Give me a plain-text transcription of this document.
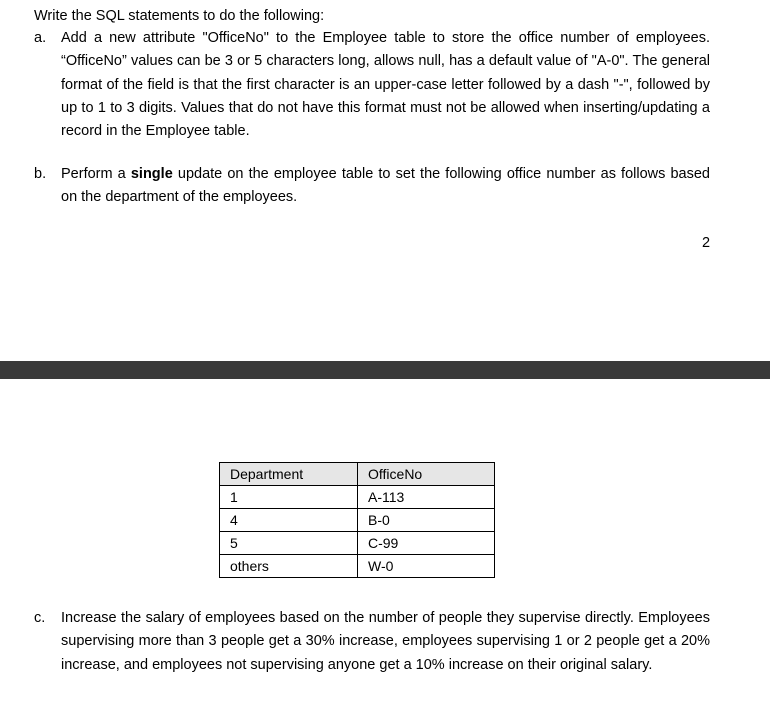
Write the SQL statements to do the following:
a. Add a new attribute "OfficeNo" to the Employee table to store the office number of employees. “OfficeNo” values can be 3 or 5 characters long, allows null, has a default value of "A-0". The general format of the field is that the first character is an upper-case letter followed by a dash "-", followed by up to 1 to 3 digits. Values that do not have this format must not be allowed when inserting/updating a record in the Employee table.
b. Perform a single update on the employee table to set the following office number as follows based on the department of the employees.
2
Department	OfficeNo
1	A-113
4	B-0
5	C-99
others	W-0
c. Increase the salary of employees based on the number of people they supervise directly. Employees supervising more than 3 people get a 30% increase, employees supervising 1 or 2 people get a 20% increase, and employees not supervising anyone get a 10% increase on their original salary.
